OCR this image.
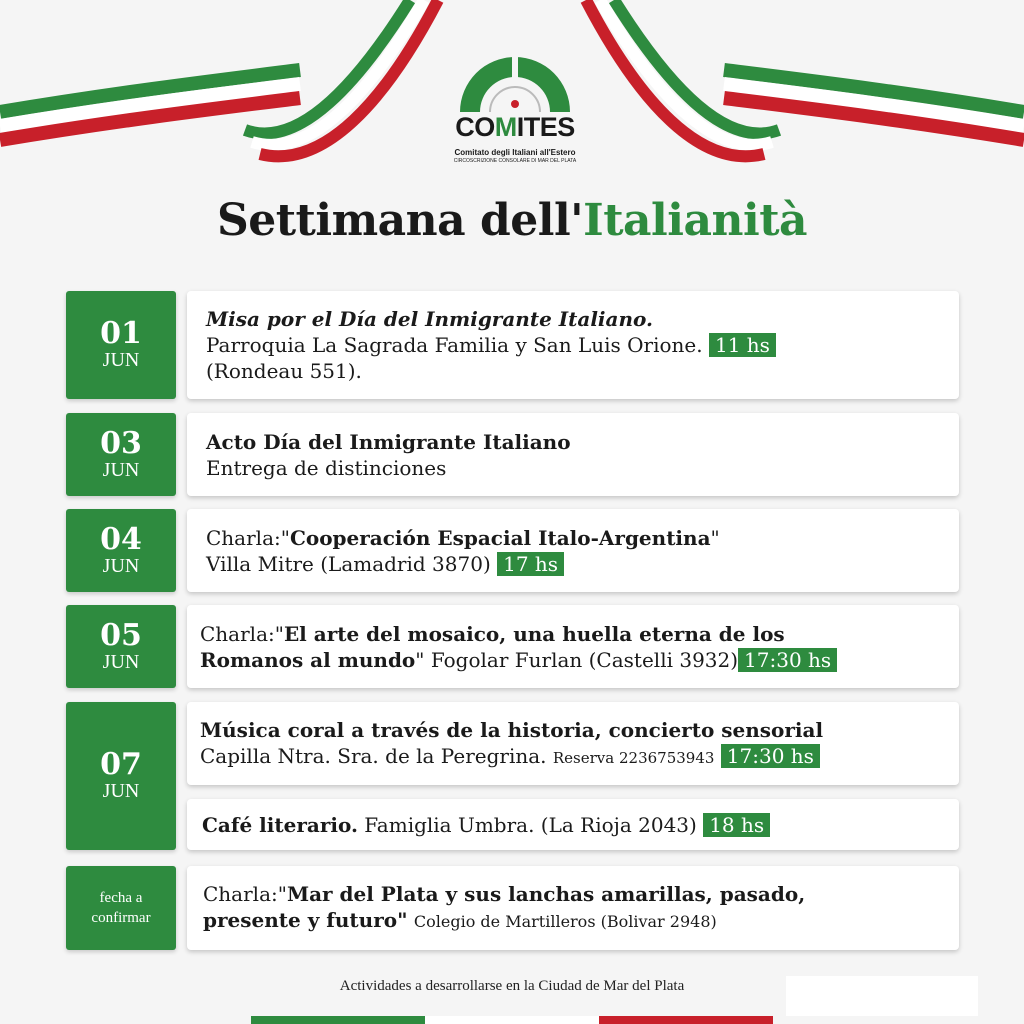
COMITES
Comitato degli Italiani all'Estero
CIRCOSCRIZIONE CONSOLARE DI MAR DEL PLATA
Settimana dell'Italianità
01
JUN
Misa por el Día del Inmigrante Italiano.
Parroquia La Sagrada Familia y San Luis Orione. 11 hs
(Rondeau 551).
03
JUN
Acto Día del Inmigrante Italiano
Entrega de distinciones
04
JUN
Charla:"Cooperación Espacial Italo-Argentina"
Villa Mitre (Lamadrid 3870) 17 hs
05
JUN
Charla:"El arte del mosaico, una huella eterna de los
Romanos al mundo" Fogolar Furlan (Castelli 3932) 17:30 hs
07
JUN
Música coral a través de la historia, concierto sensorial
Capilla Ntra. Sra. de la Peregrina. Reserva 2236753943 17:30 hs
Café literario. Famiglia Umbra. (La Rioja 2043) 18 hs
fecha a
confirmar
Charla:"Mar del Plata y sus lanchas amarillas, pasado,
presente y futuro" Colegio de Martilleros (Bolivar 2948)
Actividades a desarrollarse en la Ciudad de Mar del Plata
